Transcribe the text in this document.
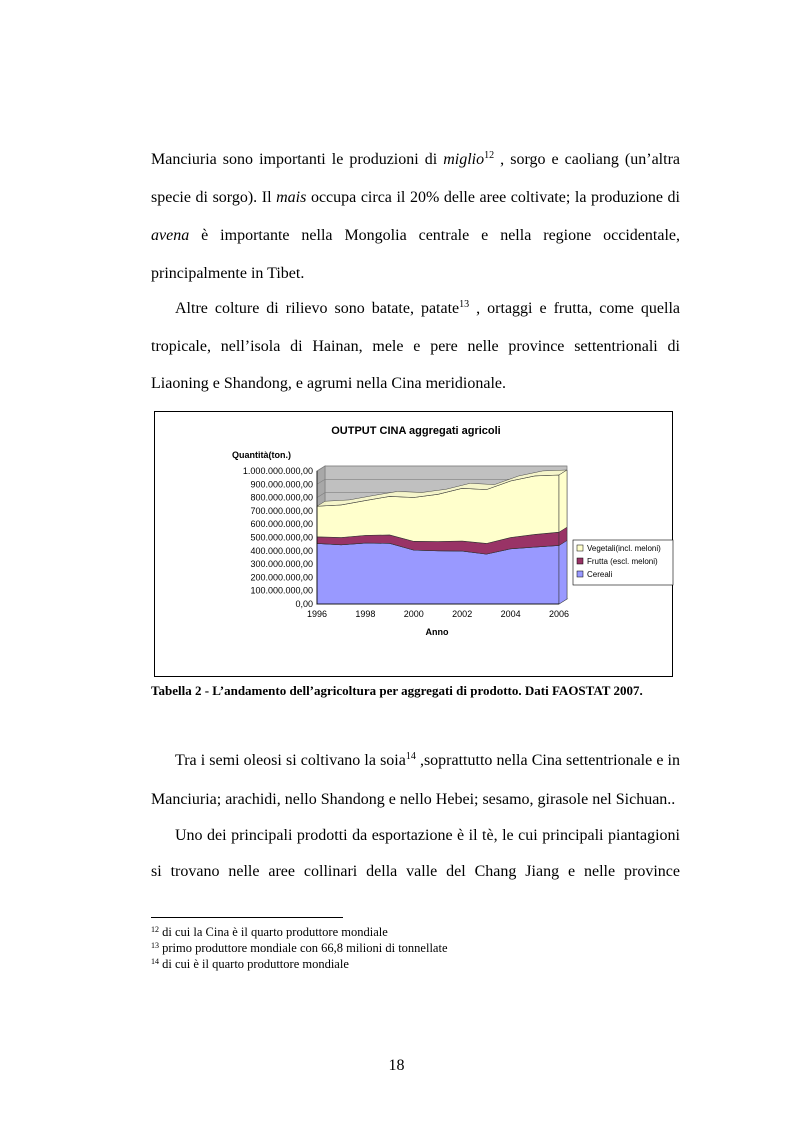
Manciuria sono importanti le produzioni di miglio$^{12}$ , sorgo e caoliang (un’altra
specie di sorgo). Il mais occupa circa il 20% delle aree coltivate; la produzione di
avena è importante nella Mongolia centrale e nella regione occidentale,
principalmente in Tibet.
Altre colture di rilievo sono batate, patate$^{13}$ , ortaggi e frutta, come quella
tropicale, nell’isola di Hainan, mele e pere nelle province settentrionali di
Liaoning e Shandong, e agrumi nella Cina meridionale.
OUTPUT CINA aggregati agricoli
Quantità(ton.)
Anno
0,00
100.000.000,00
200.000.000,00
300.000.000,00
400.000.000,00
500.000.000,00
600.000.000,00
700.000.000,00
800.000.000,00
900.000.000,00
1.000.000.000,00
1996	1998	2000	2002	2004	2006
Vegetali(incl. meloni)
Frutta (escl. meloni)
Cereali
Tabella 2 - L’andamento dell’agricoltura per aggregati di prodotto. Dati FAOSTAT 2007.
Tra i semi oleosi si coltivano la soia$^{14}$ ,soprattutto nella Cina settentrionale e in
Manciuria; arachidi, nello Shandong e nello Hebei; sesamo, girasole nel Sichuan..
Uno dei principali prodotti da esportazione è il tè, le cui principali piantagioni
si trovano nelle aree collinari della valle del Chang Jiang e nelle province
$^{12}$ di cui la Cina è il quarto produttore mondiale
$^{13}$ primo produttore mondiale con 66,8 milioni di tonnellate
$^{14}$ di cui è il quarto produttore mondiale
18
